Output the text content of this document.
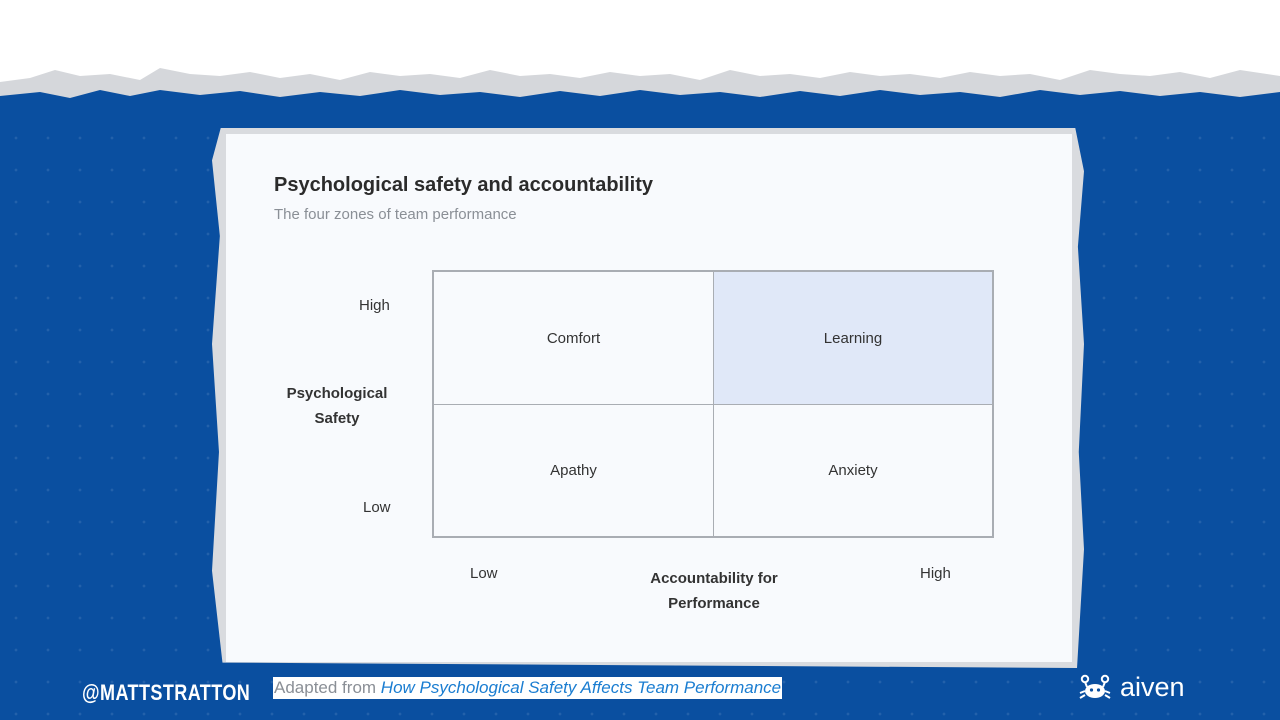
Psychological safety and accountability
The four zones of team performance
Comfort	Learning
Apathy	Anxiety
High
Low
Psychological
Safety
Low	High
Accountability for
Performance
@MATTSTRATTON Adapted from How Psychological Safety Affects Team Performance	aiven
